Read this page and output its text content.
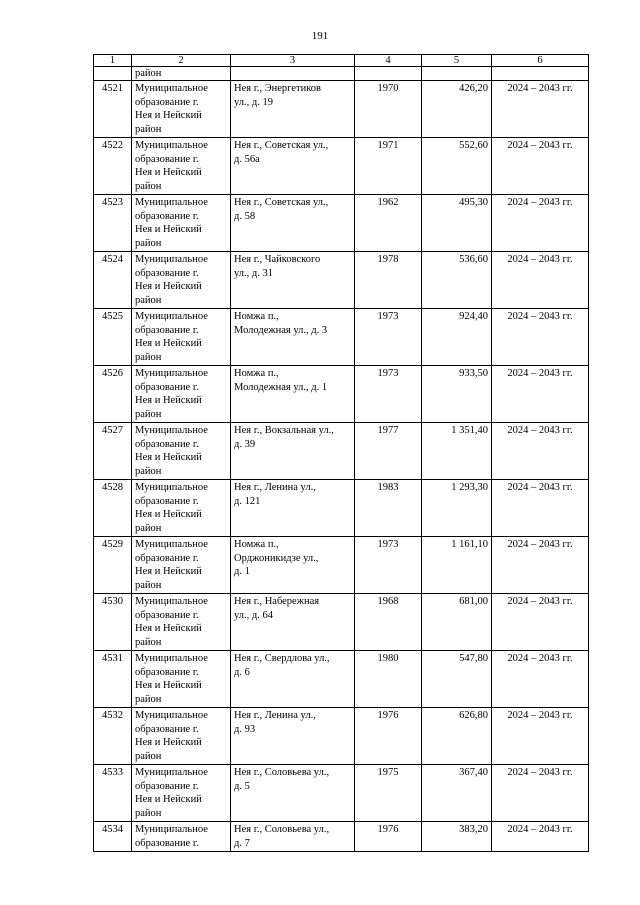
191
1	2	3	4	5	6
	район				
4521	Муниципальное
образование г.
Нея и Нейский
район	Нея г., Энергетиков
ул., д. 19	1970	426,20	2024 – 2043 гг.
4522	Муниципальное
образование г.
Нея и Нейский
район	Нея г., Советская ул.,
д. 56а	1971	552,60	2024 – 2043 гг.
4523	Муниципальное
образование г.
Нея и Нейский
район	Нея г., Советская ул.,
д. 58	1962	495,30	2024 – 2043 гг.
4524	Муниципальное
образование г.
Нея и Нейский
район	Нея г., Чайковского
ул., д. 31	1978	536,60	2024 – 2043 гг.
4525	Муниципальное
образование г.
Нея и Нейский
район	Номжа п.,
Молодежная ул., д. 3	1973	924,40	2024 – 2043 гг.
4526	Муниципальное
образование г.
Нея и Нейский
район	Номжа п.,
Молодежная ул., д. 1	1973	933,50	2024 – 2043 гг.
4527	Муниципальное
образование г.
Нея и Нейский
район	Нея г., Вокзальная ул.,
д. 39	1977	1 351,40	2024 – 2043 гг.
4528	Муниципальное
образование г.
Нея и Нейский
район	Нея г., Ленина ул.,
д. 121	1983	1 293,30	2024 – 2043 гг.
4529	Муниципальное
образование г.
Нея и Нейский
район	Номжа п.,
Орджоникидзе ул.,
д. 1	1973	1 161,10	2024 – 2043 гг.
4530	Муниципальное
образование г.
Нея и Нейский
район	Нея г., Набережная
ул., д. 64	1968	681,00	2024 – 2043 гг.
4531	Муниципальное
образование г.
Нея и Нейский
район	Нея г., Свердлова ул.,
д. 6	1980	547,80	2024 – 2043 гг.
4532	Муниципальное
образование г.
Нея и Нейский
район	Нея г., Ленина ул.,
д. 93	1976	626,80	2024 – 2043 гг.
4533	Муниципальное
образование г.
Нея и Нейский
район	Нея г., Соловьева ул.,
д. 5	1975	367,40	2024 – 2043 гг.
4534	Муниципальное
образование г.	Нея г., Соловьева ул.,
д. 7	1976	383,20	2024 – 2043 гг.
